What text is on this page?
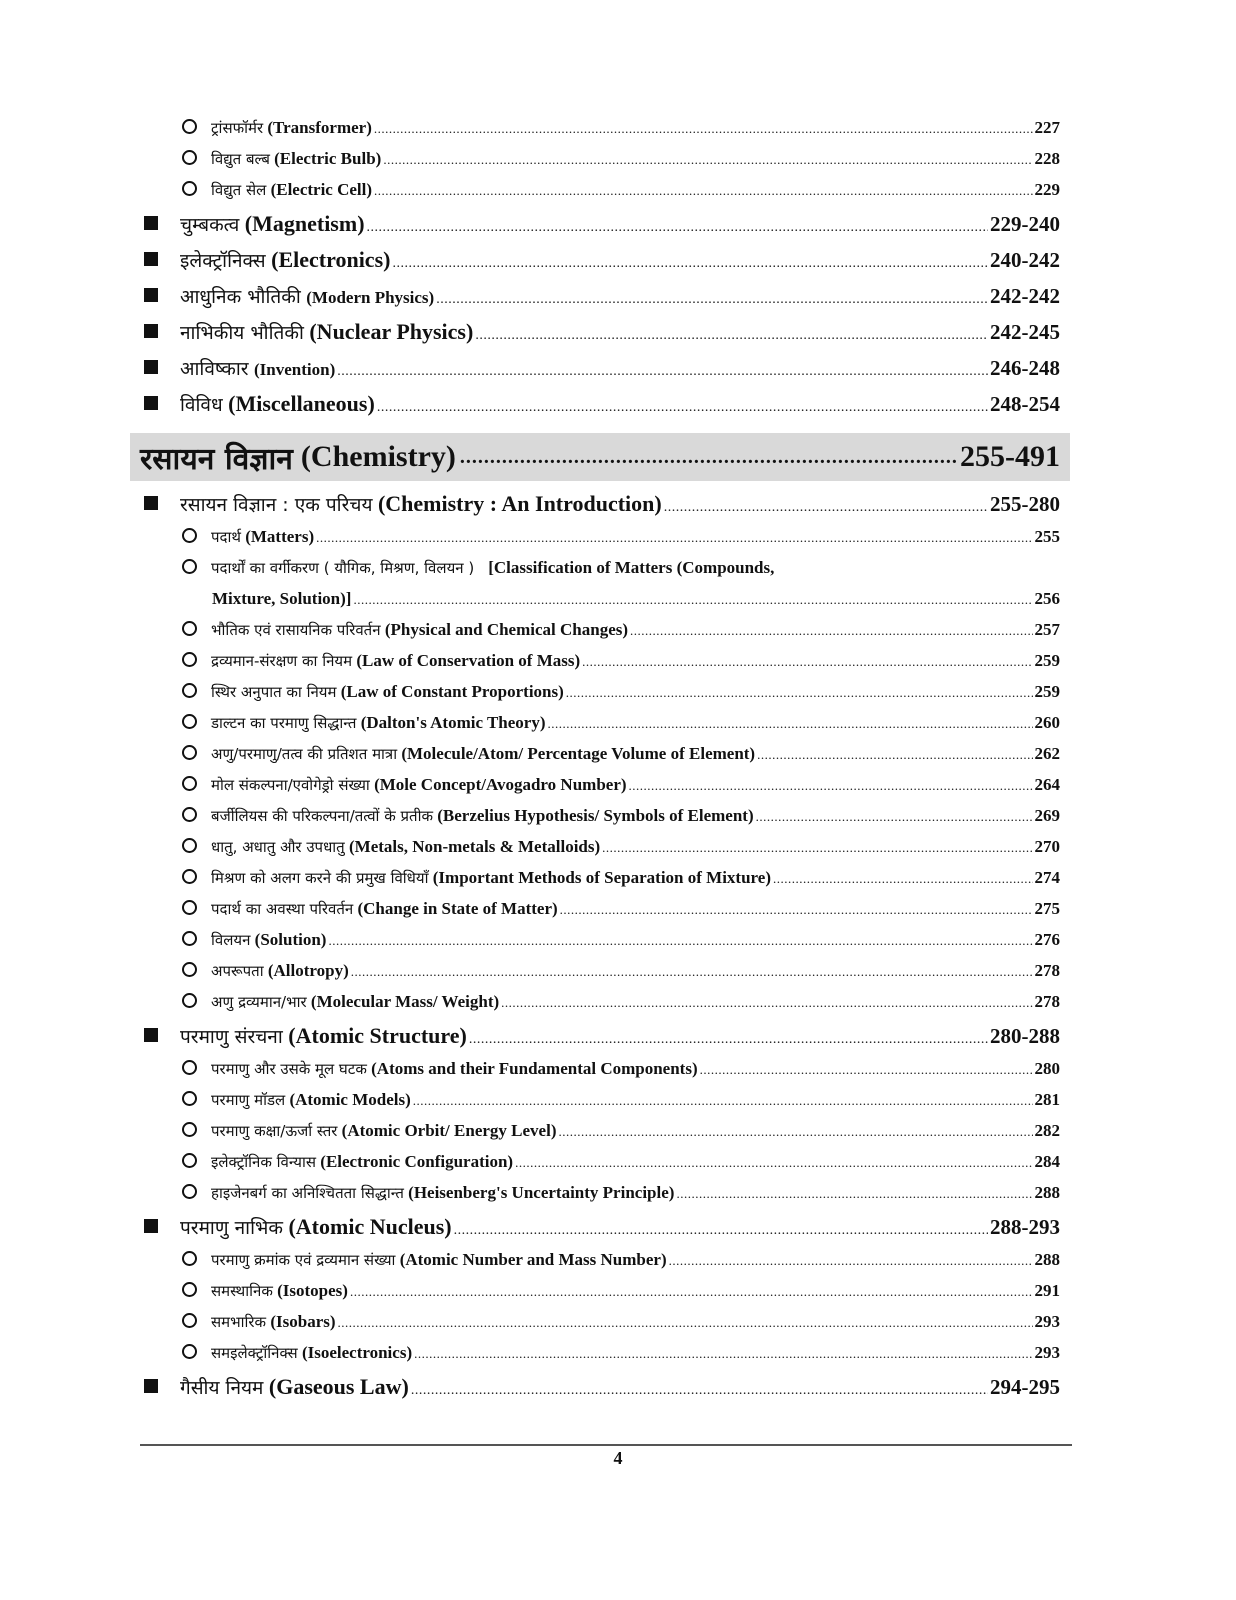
ट्रांसफॉर्मर (Transformer) .....	227
विद्युत बल्ब (Electric Bulb) .....	228
विद्युत सेल (Electric Cell) .....	229
चुम्बकत्व (Magnetism) .....	229-240
इलेक्ट्रॉनिक्स (Electronics) .....	240-242
आधुनिक भौतिकी (Modern Physics) .....	242-242
नाभिकीय भौतिकी (Nuclear Physics) .....	242-245
आविष्कार (Invention) .....	246-248
विविध (Miscellaneous) .....	248-254
रसायन विज्ञान (Chemistry) .....	255-491
रसायन विज्ञान : एक परिचय (Chemistry : An Introduction) .....	255-280
पदार्थ (Matters) .....	255
पदार्थों का वर्गीकरण ( यौगिक, मिश्रण, विलयन ) [Classification of Matters (Compounds,
Mixture, Solution)] .....	256
भौतिक एवं रासायनिक परिवर्तन (Physical and Chemical Changes) .....	257
द्रव्यमान-संरक्षण का नियम (Law of Conservation of Mass) .....	259
स्थिर अनुपात का नियम (Law of Constant Proportions) .....	259
डाल्टन का परमाणु सिद्धान्त (Dalton's Atomic Theory) .....	260
अणु/परमाणु/तत्व की प्रतिशत मात्रा (Molecule/Atom/ Percentage Volume of Element) .....	262
मोल संकल्पना/एवोगेड्रो संख्या (Mole Concept/Avogadro Number) .....	264
बर्जीलियस की परिकल्पना/तत्वों के प्रतीक (Berzelius Hypothesis/ Symbols of Element) .....	269
धातु, अधातु और उपधातु (Metals, Non-metals & Metalloids) .....	270
मिश्रण को अलग करने की प्रमुख विधियाँ (Important Methods of Separation of Mixture) .....	274
पदार्थ का अवस्था परिवर्तन (Change in State of Matter) .....	275
विलयन (Solution) .....	276
अपरूपता (Allotropy) .....	278
अणु द्रव्यमान/भार (Molecular Mass/ Weight) .....	278
परमाणु संरचना (Atomic Structure) .....	280-288
परमाणु और उसके मूल घटक (Atoms and their Fundamental Components) .....	280
परमाणु मॉडल (Atomic Models) .....	281
परमाणु कक्षा/ऊर्जा स्तर (Atomic Orbit/ Energy Level) .....	282
इलेक्ट्रॉनिक विन्यास (Electronic Configuration) .....	284
हाइजेनबर्ग का अनिश्चितता सिद्धान्त (Heisenberg's Uncertainty Principle) .....	288
परमाणु नाभिक (Atomic Nucleus) .....	288-293
परमाणु क्रमांक एवं द्रव्यमान संख्या (Atomic Number and Mass Number) .....	288
समस्थानिक (Isotopes) .....	291
समभारिक (Isobars) .....	293
समइलेक्ट्रॉनिक्स (Isoelectronics) .....	293
गैसीय नियम (Gaseous Law) .....	294-295
4
